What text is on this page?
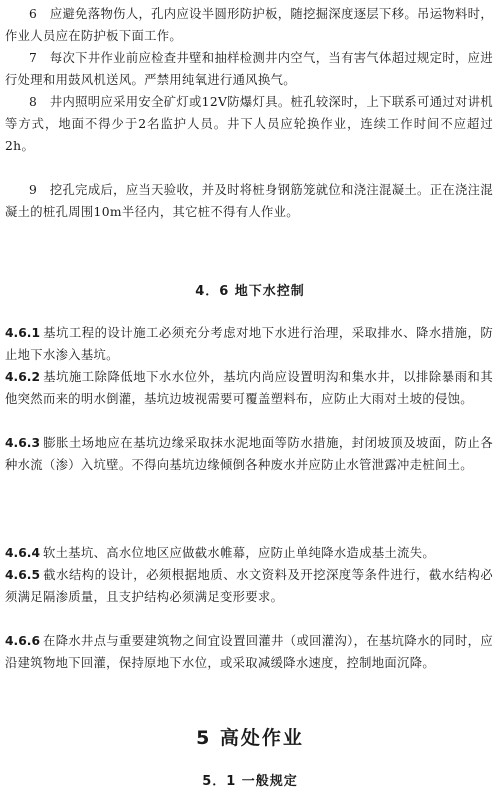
6　应避免落物伤人，孔内应设半圆形防护板，随挖掘深度逐层下移。吊运物料时，作业人员应在防护板下面工作。

7　每次下井作业前应检查井壁和抽样检测井内空气，当有害气体超过规定时，应进行处理和用鼓风机送风。严禁用纯氧进行通风换气。

8　井内照明应采用安全矿灯或12V防爆灯具。桩孔较深时，上下联系可通过对讲机等方式，地面不得少于2名监护人员。井下人员应轮换作业，连续工作时间不应超过2h。

9　挖孔完成后，应当天验收，并及时将桩身钢筋笼就位和浇注混凝土。正在浇注混凝土的桩孔周围10m半径内，其它桩不得有人作业。

4．6 地下水控制

4.6.1 基坑工程的设计施工必须充分考虑对地下水进行治理，采取排水、降水措施，防止地下水渗入基坑。

4.6.2 基坑施工除降低地下水水位外，基坑内尚应设置明沟和集水井，以排除暴雨和其他突然而来的明水倒灌，基坑边坡视需要可覆盖塑料布，应防止大雨对土坡的侵蚀。

4.6.3 膨胀土场地应在基坑边缘采取抹水泥地面等防水措施，封闭坡顶及坡面，防止各种水流（渗）入坑壁。不得向基坑边缘倾倒各种废水并应防止水管泄露冲走桩间土。

4.6.4 软土基坑、高水位地区应做截水帷幕，应防止单纯降水造成基土流失。

4.6.5 截水结构的设计，必须根据地质、水文资料及开挖深度等条件进行，截水结构必须满足隔渗质量，且支护结构必须满足变形要求。

4.6.6 在降水井点与重要建筑物之间宜设置回灌井（或回灌沟），在基坑降水的同时，应沿建筑物地下回灌，保持原地下水位，或采取减缓降水速度，控制地面沉降。

5 高处作业
5．1 一般规定
